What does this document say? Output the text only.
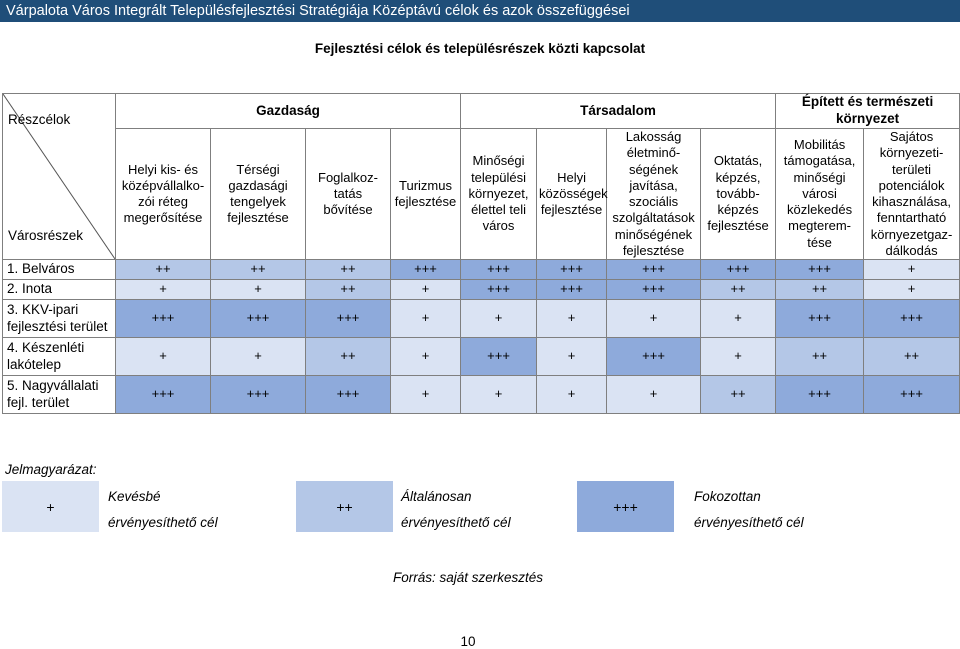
Várpalota Város Integrált Településfejlesztési Stratégiája Középtávú célok és azok összefüggései
Fejlesztési célok és településrészek közti kapcsolat
Részcélok
Városrészek	Gazdaság				Társadalom				Épített és természeti környezet	
	Helyi kis- és középvállalko-zói réteg megerősítése	Térségi gazdasági tengelyek fejlesztése	Foglalkoz-tatás bővítése	Turizmus fejlesztése	Minőségi települési környezet, élettel teli város	Helyi közösségek fejlesztése	Lakosság életminő-ségének javítása, szociális szolgáltatások minőségének fejlesztése	Oktatás, képzés, tovább-képzés fejlesztése	Mobilitás támogatása, minőségi városi közlekedés megterem-tése	Sajátos környezeti-területi potenciálok kihasználása, fenntartható környezetgaz-dálkodás
1. Belváros	++	++	++	+++	+++	+++	+++	+++	+++	+
2. Inota	+	+	++	+	+++	+++	+++	++	++	+
3. KKV-ipari fejlesztési terület	+++	+++	+++	+	+	+	+	+	+++	+++
4. Készenléti lakótelep	+	+	++	+	+++	+	+++	+	++	++
5. Nagyvállalati fejl. terület	+++	+++	+++	+	+	+	+	++	+++	+++
Jelmagyarázat:
+
Kevésbé
érvényesíthető cél
++
Általánosan
érvényesíthető cél
+++
Fokozottan
érvényesíthető cél
Forrás: saját szerkesztés
10
